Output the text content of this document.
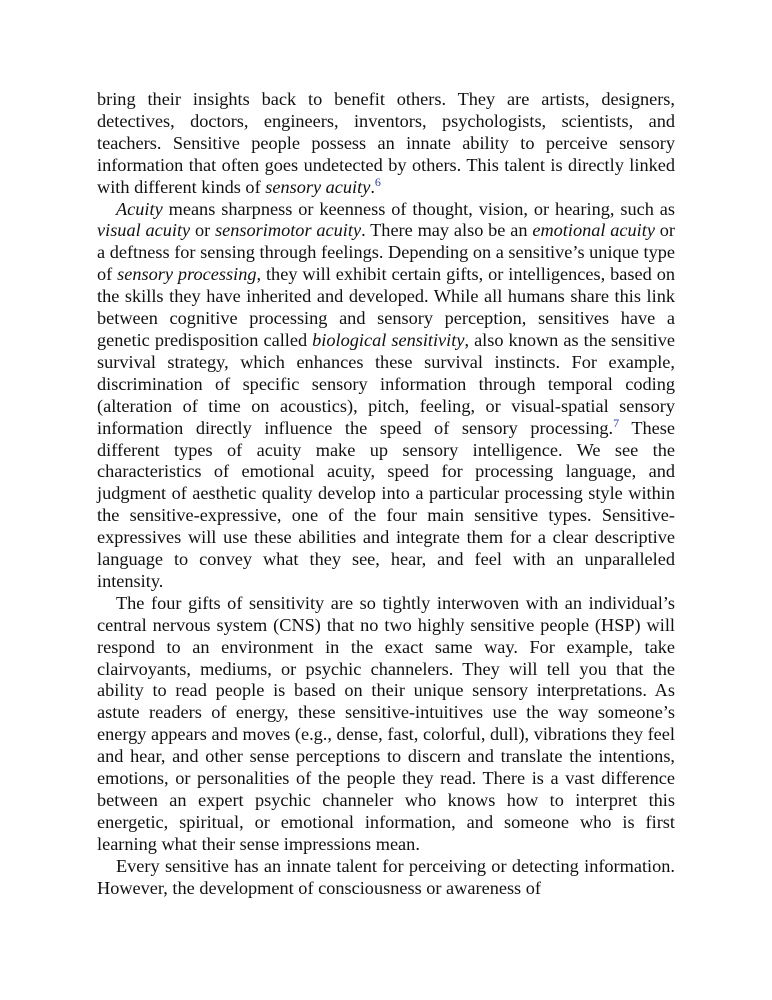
bring their insights back to benefit others. They are artists, designers, detectives, doctors, engineers, inventors, psychologists, scientists, and teachers. Sensitive people possess an innate ability to perceive sensory information that often goes undetected by others. This talent is directly linked with different kinds of sensory acuity.$^6$

Acuity means sharpness or keenness of thought, vision, or hearing, such as visual acuity or sensorimotor acuity. There may also be an emotional acuity or a deftness for sensing through feelings. Depending on a sensitive’s unique type of sensory processing, they will exhibit certain gifts, or intelligences, based on the skills they have inherited and developed. While all humans share this link between cognitive processing and sensory perception, sensitives have a genetic predisposition called biological sensitivity, also known as the sensitive survival strategy, which enhances these survival instincts. For example, discrimination of specific sensory information through temporal coding (alteration of time on acoustics), pitch, feeling, or visual-spatial sensory information directly influence the speed of sensory processing.$^7$ These different types of acuity make up sensory intelligence. We see the characteristics of emotional acuity, speed for processing language, and judgment of aesthetic quality develop into a particular processing style within the sensitive-expressive, one of the four main sensitive types. Sensitive-expressives will use these abilities and integrate them for a clear descriptive language to convey what they see, hear, and feel with an unparalleled intensity.

The four gifts of sensitivity are so tightly interwoven with an individual’s central nervous system (CNS) that no two highly sensitive people (HSP) will respond to an environment in the exact same way. For example, take clairvoyants, mediums, or psychic channelers. They will tell you that the ability to read people is based on their unique sensory interpretations. As astute readers of energy, these sensitive-intuitives use the way someone’s energy appears and moves (e.g., dense, fast, colorful, dull), vibrations they feel and hear, and other sense perceptions to discern and translate the intentions, emotions, or personalities of the people they read. There is a vast difference between an expert psychic channeler who knows how to interpret this energetic, spiritual, or emotional information, and someone who is first learning what their sense impressions mean.

Every sensitive has an innate talent for perceiving or detecting information. However, the development of consciousness or awareness of
